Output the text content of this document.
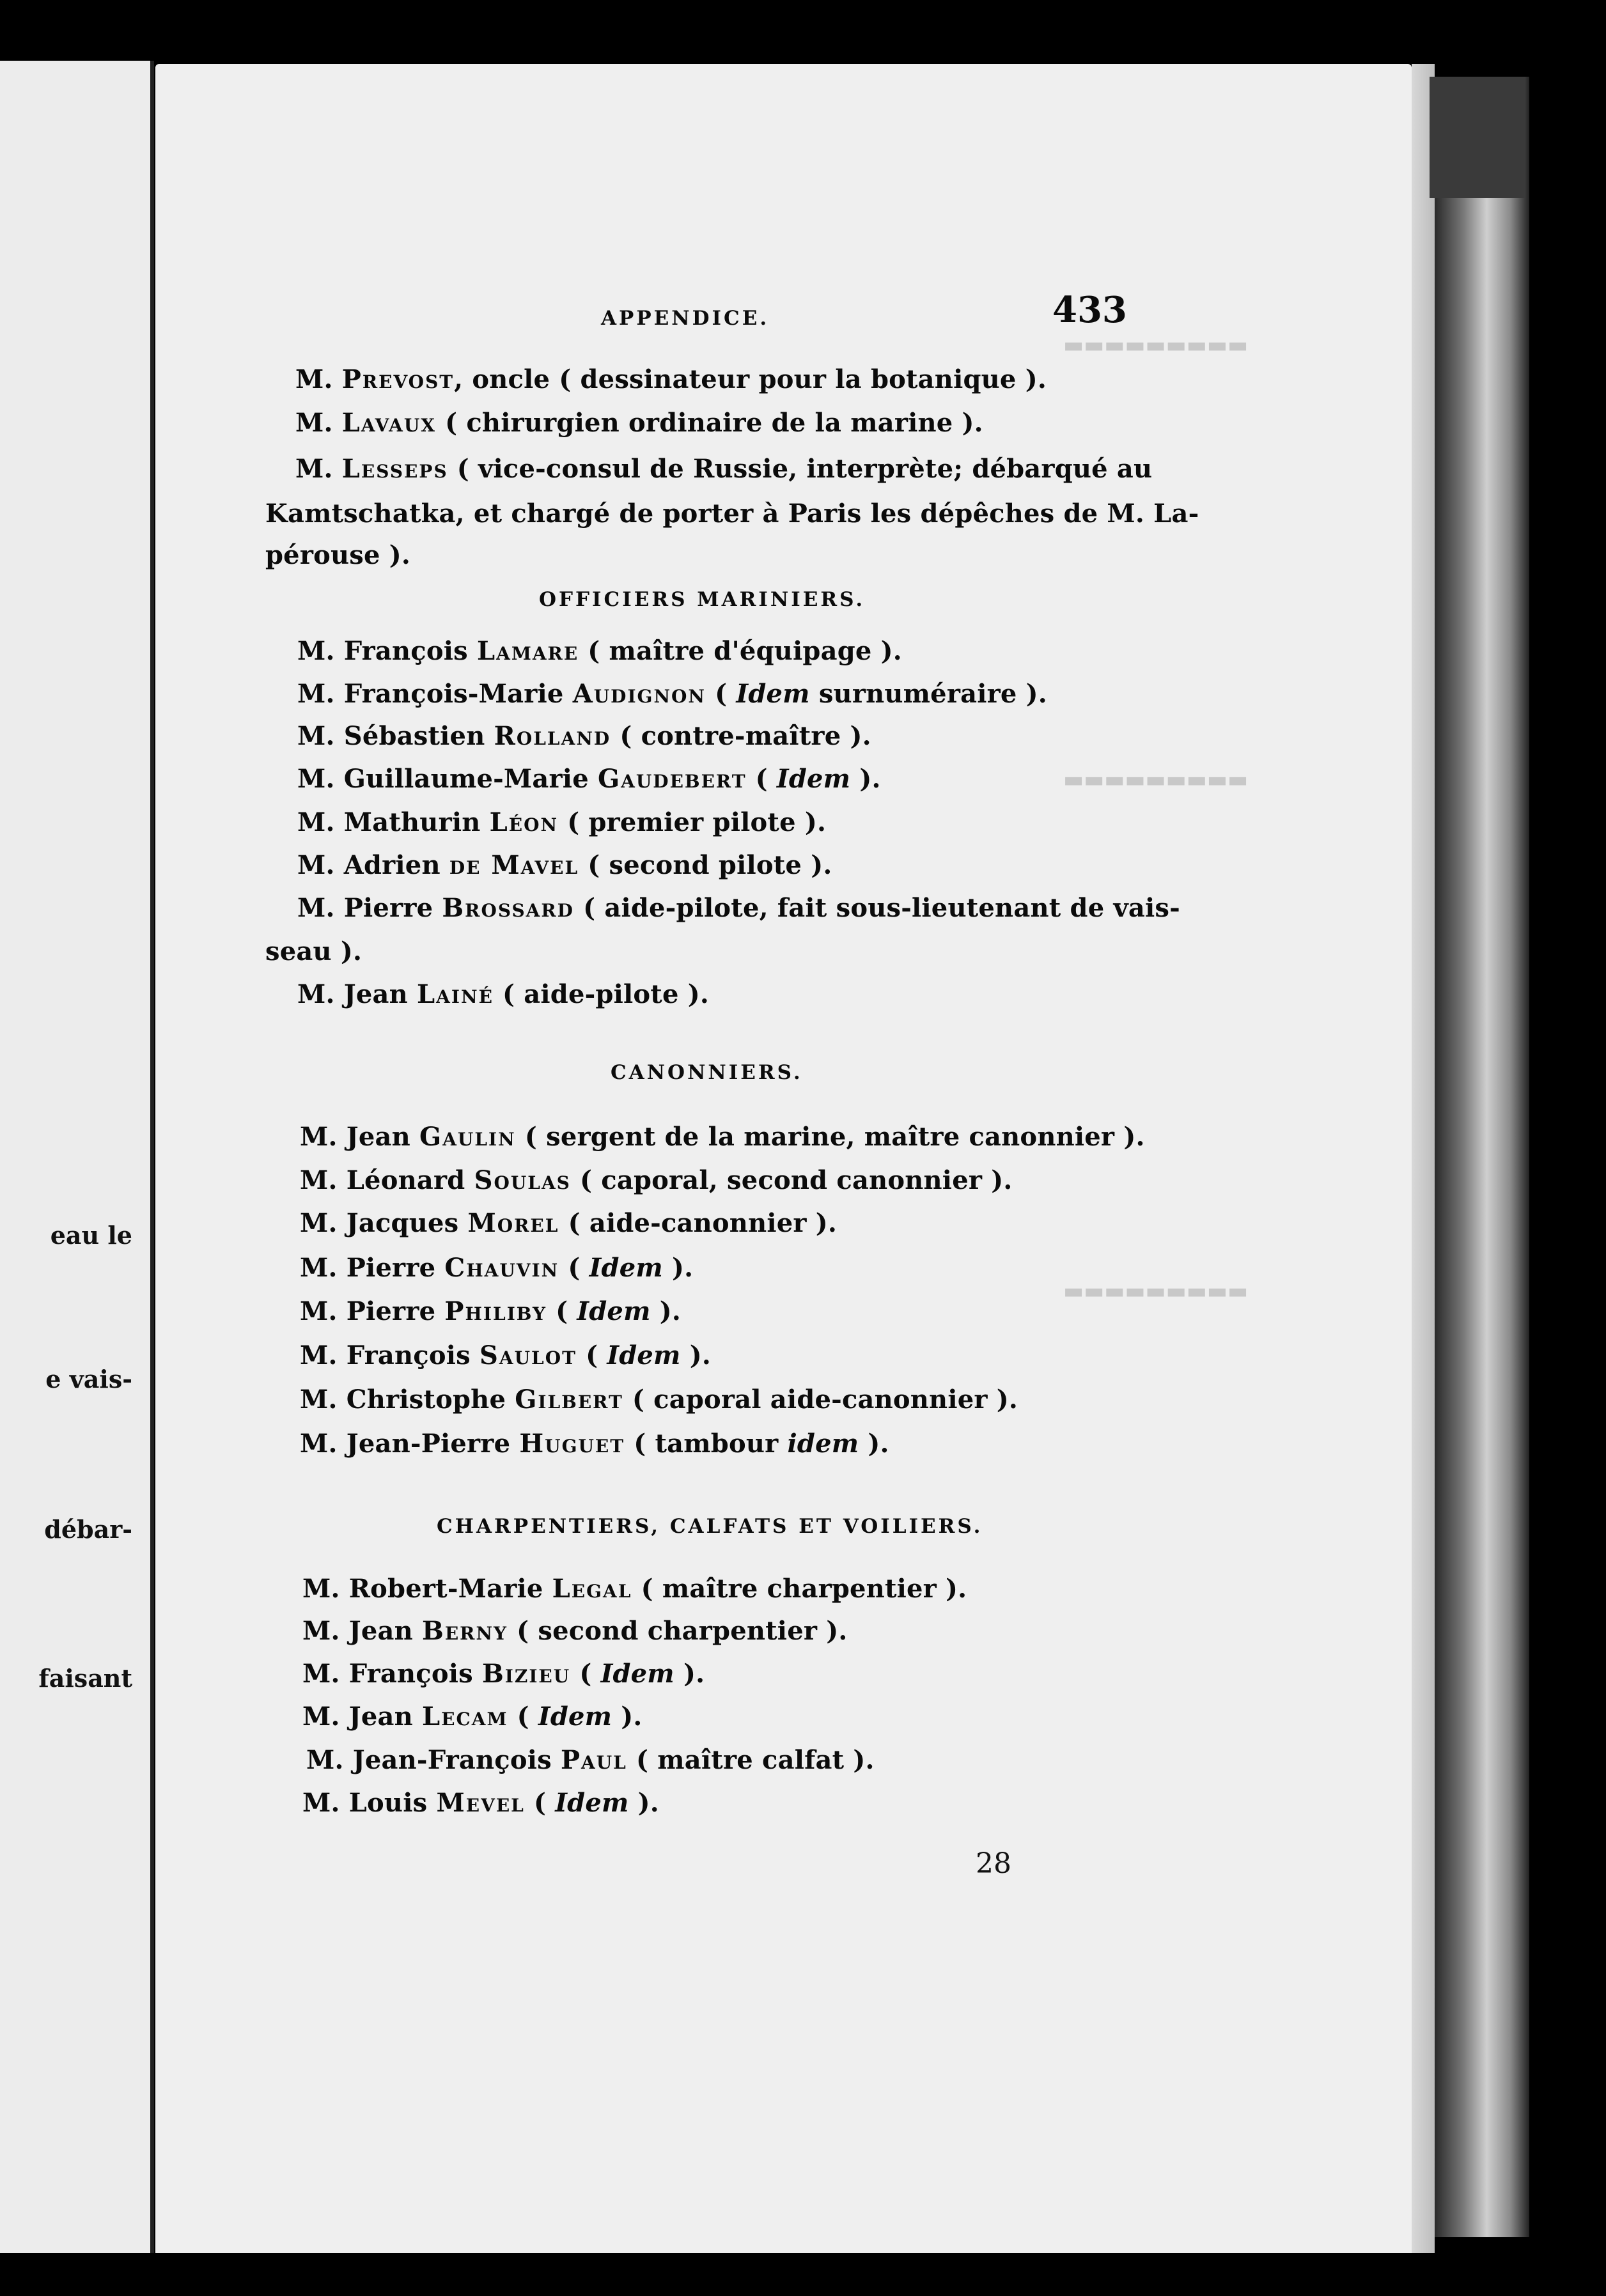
eau le
e vais-
débar-
faisant
▬▬▬▬▬▬▬▬▬
▬▬▬▬▬▬▬▬▬
▬▬▬▬▬▬▬▬▬
APPENDICE.	433
M. Prevost, oncle ( dessinateur pour la botanique ).
M. Lavaux ( chirurgien ordinaire de la marine ).
M. Lesseps ( vice-consul de Russie, interprète; débarqué au
Kamtschatka, et chargé de porter à Paris les dépêches de M. La-
pérouse ).
OFFICIERS MARINIERS.
M. François Lamare ( maître d'équipage ).
M. François-Marie Audignon ( Idem surnuméraire ).
M. Sébastien Rolland ( contre-maître ).
M. Guillaume-Marie Gaudebert ( Idem ).
M. Mathurin Léon ( premier pilote ).
M. Adrien de Mavel ( second pilote ).
M. Pierre Brossard ( aide-pilote, fait sous-lieutenant de vais-
seau ).
M. Jean Lainé ( aide-pilote ).
CANONNIERS.
M. Jean Gaulin ( sergent de la marine, maître canonnier ).
M. Léonard Soulas ( caporal, second canonnier ).
M. Jacques Morel ( aide-canonnier ).
M. Pierre Chauvin ( Idem ).
M. Pierre Philiby ( Idem ).
M. François Saulot ( Idem ).
M. Christophe Gilbert ( caporal aide-canonnier ).
M. Jean-Pierre Huguet ( tambour idem ).
CHARPENTIERS, CALFATS ET VOILIERS.
M. Robert-Marie Legal ( maître charpentier ).
M. Jean Berny ( second charpentier ).
M. François Bizieu ( Idem ).
M. Jean Lecam ( Idem ).
M. Jean-François Paul ( maître calfat ).
M. Louis Mevel ( Idem ).
28
